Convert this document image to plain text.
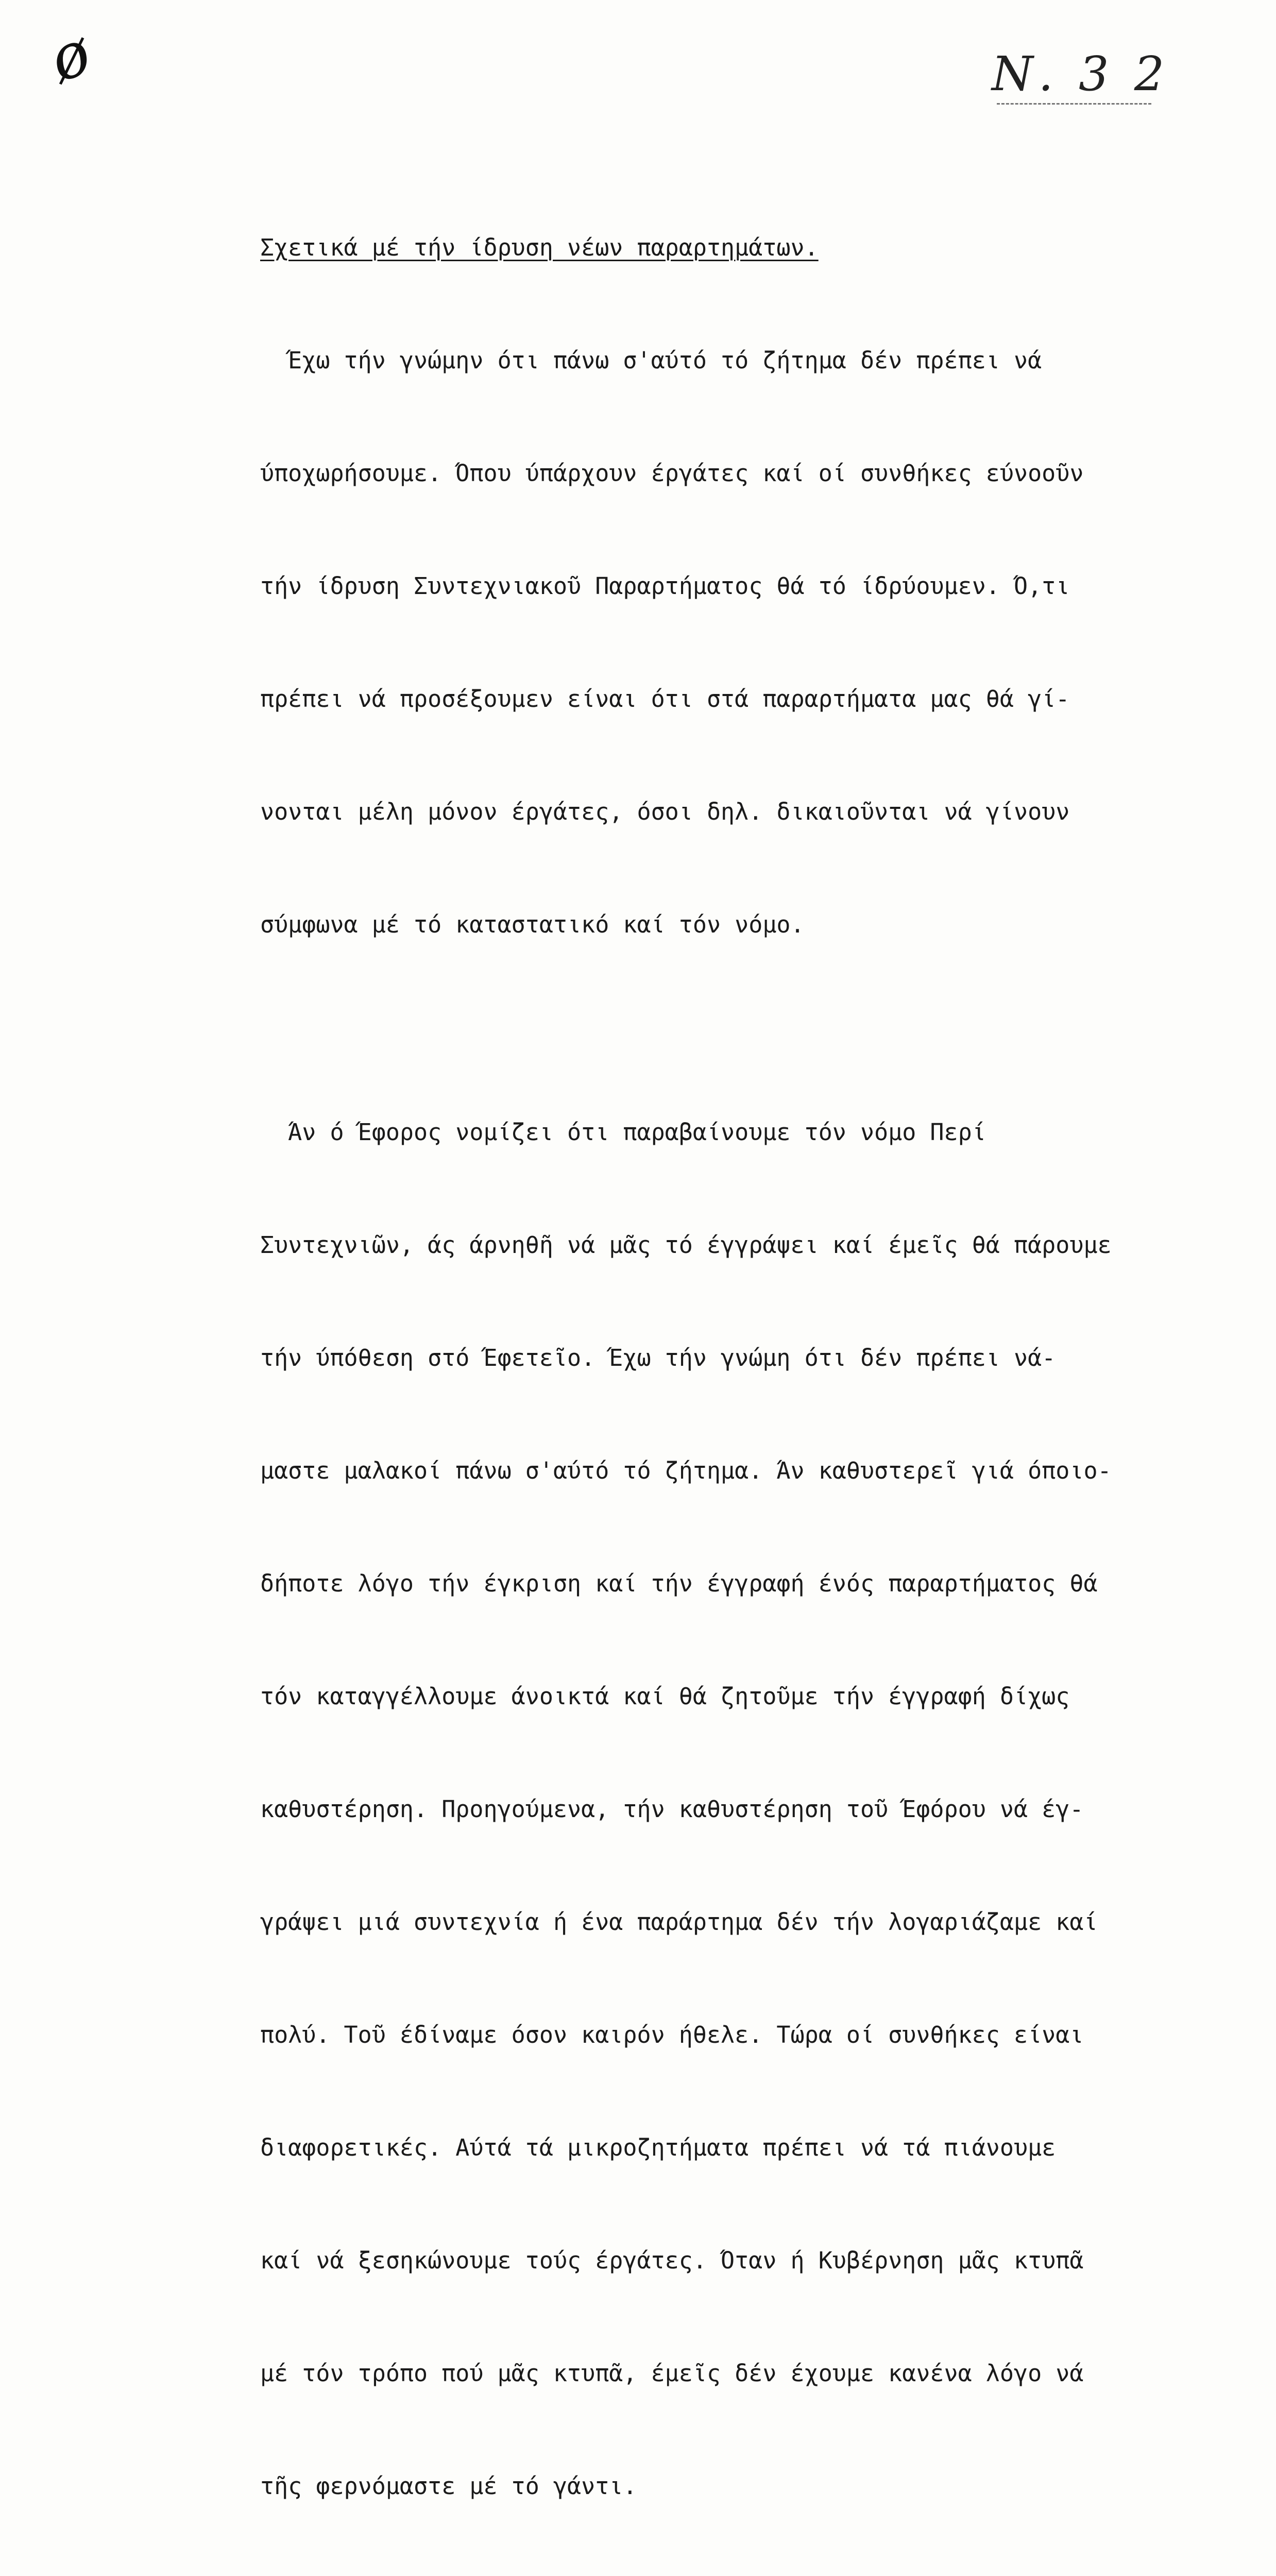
ø	Ν. 3 2

Σχετικά μέ τήν ίδρυση νέων παραρτημάτων.

Έχω τήν γνώμην ότι πάνω σ'αύτό τό ζήτημα δέν πρέπει νά

ύποχωρήσουμε. Όπου ύπάρχουν έργάτες καί οί συνθήκες εύνοοῦν

τήν ίδρυση Συντεχνιακοῦ Παραρτήματος θά τό ίδρύουμεν. Ό,τι

πρέπει νά προσέξουμεν είναι ότι στά παραρτήματα μας θά γί-

νονται μέλη μόνον έργάτες, όσοι δηλ. δικαιοῦνται νά γίνουν

σύμφωνα μέ τό καταστατικό καί τόν νόμο.

Άν ό Έφορος νομίζει ότι παραβαίνουμε τόν νόμο Περί

Συντεχνιῶν, άς άρνηθῆ νά μᾶς τό έγγράψει καί έμεῖς θά πάρουμε

τήν ύπόθεση στό Έφετεῖο. Έχω τήν γνώμη ότι δέν πρέπει νά-

μαστε μαλακοί πάνω σ'αύτό τό ζήτημα. Άν καθυστερεῖ γιά όποιο-

δήποτε λόγο τήν έγκριση καί τήν έγγραφή ένός παραρτήματος θά

τόν καταγγέλλουμε άνοικτά καί θά ζητοῦμε τήν έγγραφή δίχως

καθυστέρηση. Προηγούμενα, τήν καθυστέρηση τοῦ Έφόρου νά έγ-

γράψει μιά συντεχνία ή ένα παράρτημα δέν τήν λογαριάζαμε καί

πολύ. Τοῦ έδίναμε όσον καιρόν ήθελε. Τώρα οί συνθήκες είναι

διαφορετικές. Αύτά τά μικροζητήματα πρέπει νά τά πιάνουμε

καί νά ξεσηκώνουμε τούς έργάτες. Όταν ή Κυβέρνηση μᾶς κτυπᾶ

μέ τόν τρόπο πού μᾶς κτυπᾶ, έμεῖς δέν έχουμε κανένα λόγο νά

τῆς φερνόμαστε μέ τό γάντι.
